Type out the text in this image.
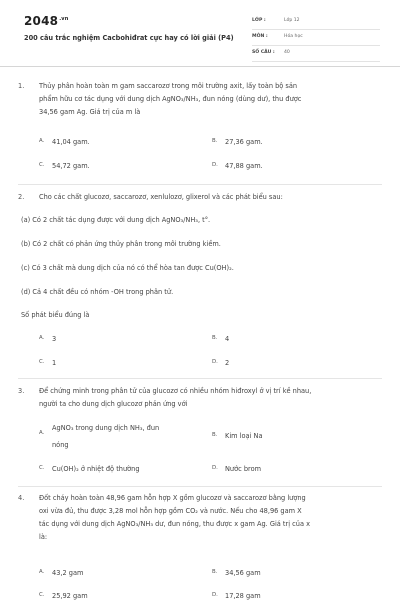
$2048^{.vn}$
200 câu trắc nghiệm Cacbohiđrat cực hay có lời giải (P4)
LỚP :	Lớp 12
MÔN :	Hóa học
SỐ CÂU : 40
1. Thủy phân hoàn toàn m gam saccarozơ trong môi trường axit, lấy toàn bộ sản
phẩm hữu cơ tác dụng với dung dịch AgNO₃/NH₃, đun nóng (dùng dư), thu được
34,56 gam Ag. Giá trị của m là
A. 41,04 gam.	B. 27,36 gam.
C. 54,72 gam.	D. 47,88 gam.
2. Cho các chất glucozơ, saccarozơ, xenlulozơ, glixerol và các phát biểu sau:
(a) Có 2 chất tác dụng được với dung dịch AgNO₃/NH₃, t°.
(b) Có 2 chất có phản ứng thủy phân trong môi trường kiềm.
(c) Có 3 chất mà dung dịch của nó có thể hòa tan được Cu(OH)₂.
(d) Cả 4 chất đều có nhóm -OH trong phân tử.
Số phát biểu đúng là
A. 3	B. 4
C. 1	D. 2
3. Để chứng minh trong phân tử của glucozơ có nhiều nhóm hiđroxyl ở vị trí kề nhau,
người ta cho dung dịch glucozơ phản ứng với
A.
AgNO₃ trong dung dịch NH₃, đun
nóng
B. Kim loại Na
C. Cu(OH)₂ ở nhiệt độ thường	D. Nước brom
4. Đốt cháy hoàn toàn 48,96 gam hỗn hợp X gồm glucozơ và saccarozơ bằng lượng
oxi vừa đủ, thu được 3,28 mol hỗn hợp gồm CO₂ và nước. Nếu cho 48,96 gam X
tác dụng với dung dịch AgNO₃/NH₃ dư, đun nóng, thu được x gam Ag. Giá trị của x
là:
A. 43,2 gam	B. 34,56 gam
C. 25,92 gam	D. 17,28 gam
